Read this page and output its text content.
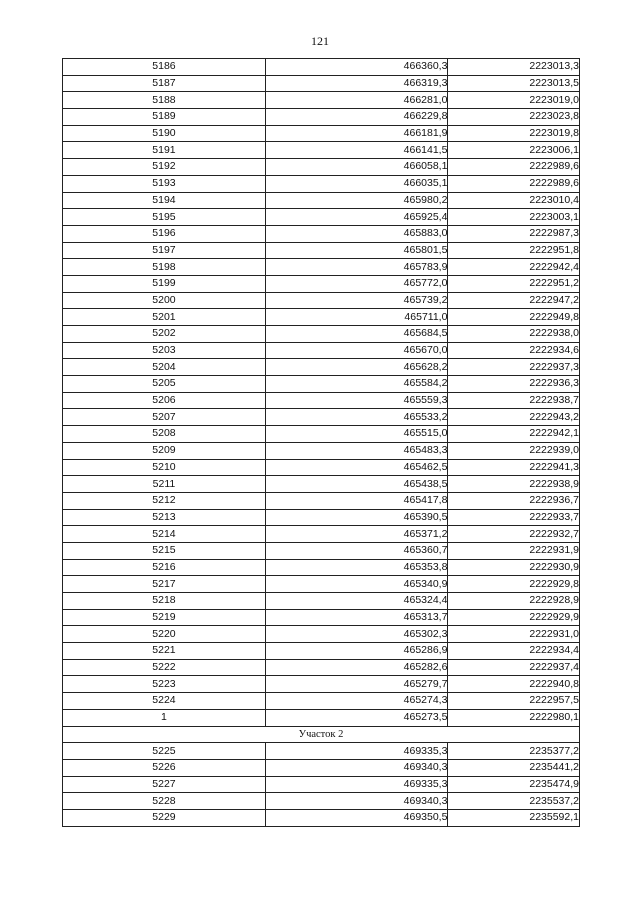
121
5186	466360,3	2223013,3
5187	466319,3	2223013,5
5188	466281,0	2223019,0
5189	466229,8	2223023,8
5190	466181,9	2223019,8
5191	466141,5	2223006,1
5192	466058,1	2222989,6
5193	466035,1	2222989,6
5194	465980,2	2223010,4
5195	465925,4	2223003,1
5196	465883,0	2222987,3
5197	465801,5	2222951,8
5198	465783,9	2222942,4
5199	465772,0	2222951,2
5200	465739,2	2222947,2
5201	465711,0	2222949,8
5202	465684,5	2222938,0
5203	465670,0	2222934,6
5204	465628,2	2222937,3
5205	465584,2	2222936,3
5206	465559,3	2222938,7
5207	465533,2	2222943,2
5208	465515,0	2222942,1
5209	465483,3	2222939,0
5210	465462,5	2222941,3
5211	465438,5	2222938,9
5212	465417,8	2222936,7
5213	465390,5	2222933,7
5214	465371,2	2222932,7
5215	465360,7	2222931,9
5216	465353,8	2222930,9
5217	465340,9	2222929,8
5218	465324,4	2222928,9
5219	465313,7	2222929,9
5220	465302,3	2222931,0
5221	465286,9	2222934,4
5222	465282,6	2222937,4
5223	465279,7	2222940,8
5224	465274,3	2222957,5
1	465273,5	2222980,1
Участок 2		
5225	469335,3	2235377,2
5226	469340,3	2235441,2
5227	469335,3	2235474,9
5228	469340,3	2235537,2
5229	469350,5	2235592,1
